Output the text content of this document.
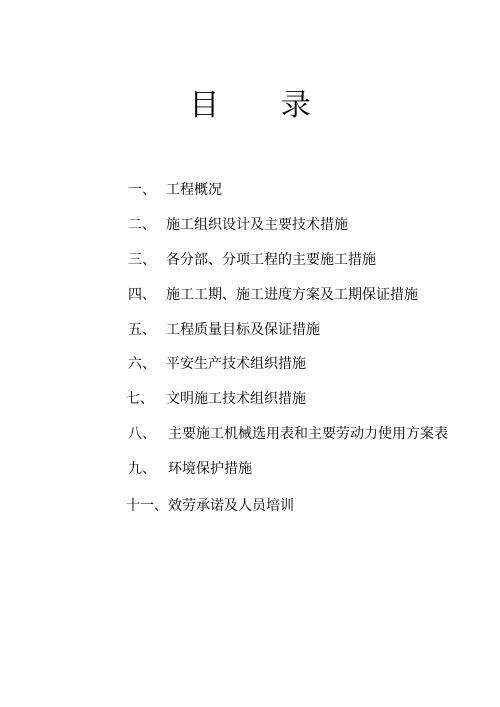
目 录
一、 工程概况
二、 施工组织设计及主要技术措施
三、 各分部、分项工程的主要施工措施
四、 施工工期、施工进度方案及工期保证措施
五、 工程质量目标及保证措施
六、 平安生产技术组织措施
七、 文明施工技术组织措施
八、 主要施工机械选用表和主要劳动力使用方案表
九、 环境保护措施
十一、 效劳承诺及人员培训
